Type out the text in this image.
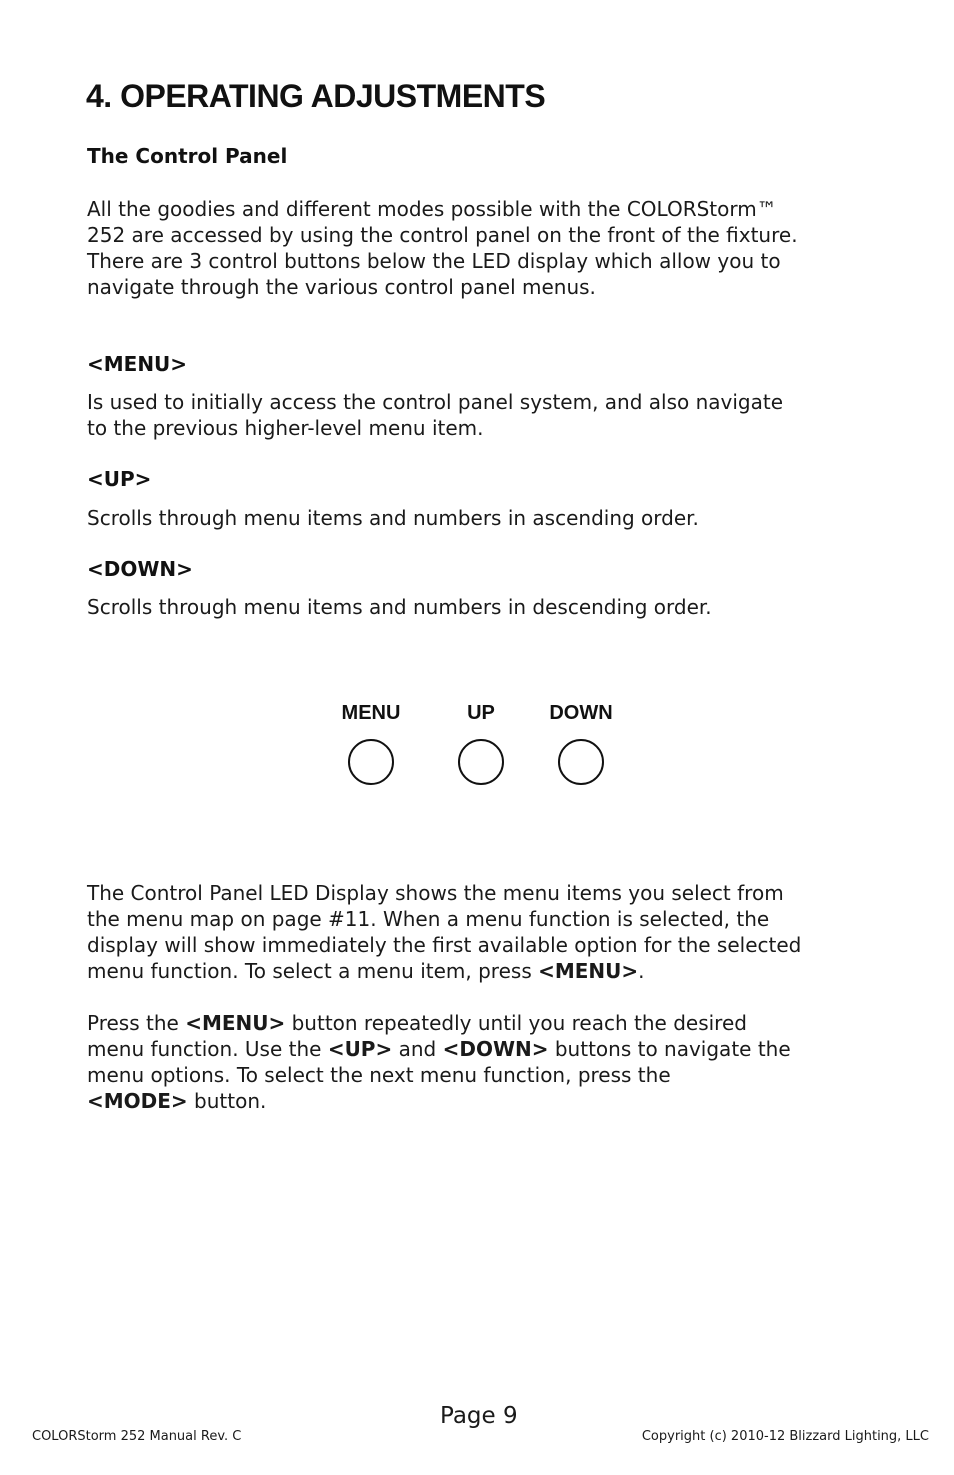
4. OPERATING ADJUSTMENTS
The Control Panel
All the goodies and different modes possible with the COLORStorm™
252 are accessed by using the control panel on the front of the fixture.
There are 3 control buttons below the LED display which allow you to
navigate through the various control panel menus.
<MENU>
Is used to initially access the control panel system, and also navigate
to the previous higher-level menu item.
<UP>
Scrolls through menu items and numbers in ascending order.
<DOWN>
Scrolls through menu items and numbers in descending order.
MENU	UP	DOWN
The Control Panel LED Display shows the menu items you select from
the menu map on page #11. When a menu function is selected, the
display will show immediately the first available option for the selected
menu function. To select a menu item, press <MENU>.
Press the <MENU> button repeatedly until you reach the desired
menu function. Use the <UP> and <DOWN> buttons to navigate the
menu options. To select the next menu function, press the
<MODE> button.
Page 9
COLORStorm 252 Manual Rev. C	Copyright (c) 2010-12 Blizzard Lighting, LLC
